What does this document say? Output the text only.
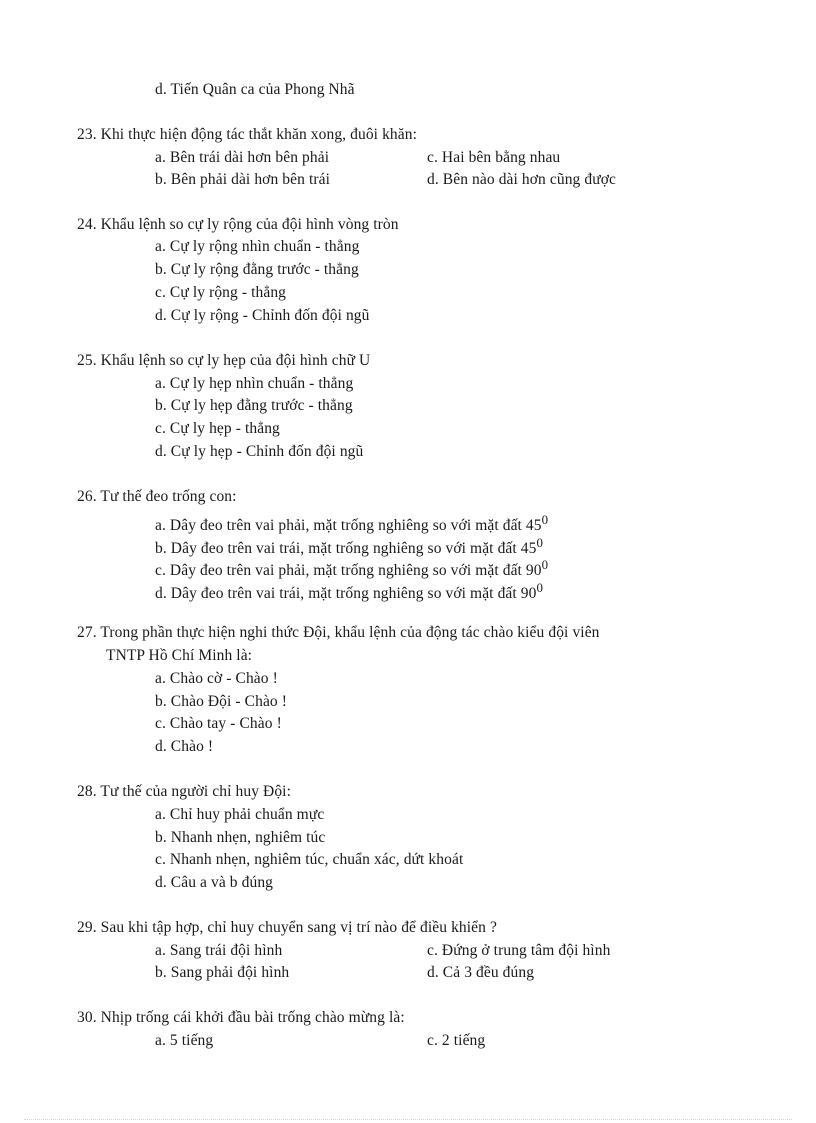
d. Tiến Quân ca của Phong Nhã
23. Khi thực hiện động tác thắt khăn xong, đuôi khăn:
a. Bên trái dài hơn bên phải	c. Hai bên bằng nhau
b. Bên phải dài hơn bên trái	d. Bên nào dài hơn cũng được
24. Khẩu lệnh so cự ly rộng của đội hình vòng tròn
a. Cự ly rộng nhìn chuẩn - thẳng
b. Cự ly rộng đằng trước - thẳng
c. Cự ly rộng - thẳng
d. Cự ly rộng - Chỉnh đốn đội ngũ
25. Khẩu lệnh so cự ly hẹp của đội hình chữ U
a. Cự ly hẹp nhìn chuẩn - thẳng
b. Cự ly hẹp đằng trước - thẳng
c. Cự ly hẹp - thẳng
d. Cự ly hẹp - Chỉnh đốn đội ngũ
26. Tư thế đeo trống con:
a. Dây đeo trên vai phải, mặt trống nghiêng so với mặt đất $45^0$
b. Dây đeo trên vai trái, mặt trống nghiêng so với mặt đất $45^0$
c. Dây đeo trên vai phải, mặt trống nghiêng so với mặt đất $90^0$
d. Dây đeo trên vai trái, mặt trống nghiêng so với mặt đất $90^0$
27. Trong phần thực hiện nghi thức Đội, khẩu lệnh của động tác chào kiểu đội viên
TNTP Hồ Chí Minh là:
a. Chào cờ - Chào !
b. Chào Đội - Chào !
c. Chào tay - Chào !
d. Chào !
28. Tư thế của người chỉ huy Đội:
a. Chỉ huy phải chuẩn mực
b. Nhanh nhẹn, nghiêm túc
c. Nhanh nhẹn, nghiêm túc, chuẩn xác, dứt khoát
d. Câu a và b đúng
29. Sau khi tập hợp, chỉ huy chuyển sang vị trí nào để điều khiển ?
a. Sang trái đội hình	c. Đứng ở trung tâm đội hình
b. Sang phải đội hình	d. Cả 3 đều đúng
30. Nhịp trống cái khởi đầu bài trống chào mừng là:
a. 5 tiếng	c. 2 tiếng
